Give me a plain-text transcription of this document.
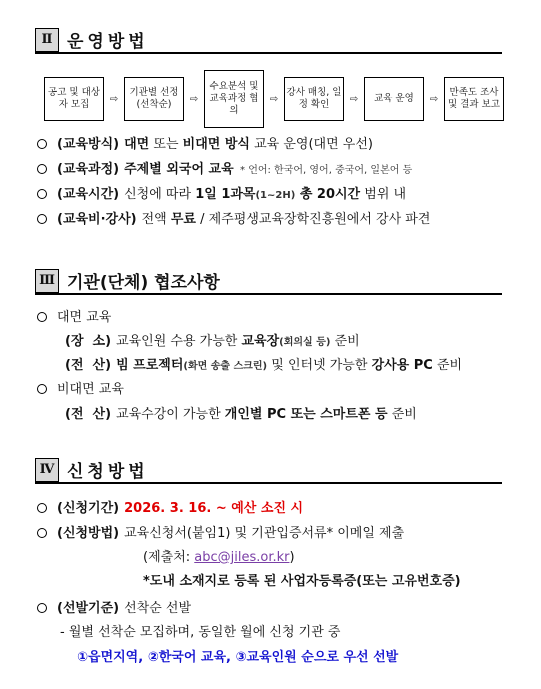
Ⅱ 운영방법
공고 및 대상자 모집	⇨
기관별 선정(선착순)	⇨
수요분석 및 교육과정 협의
⇨
강사 매칭, 일정 확인	⇨	교육 운영	⇨
만족도 조사 및 결과 보고
(교육방식) 대면 또는 비대면 방식 교육 운영(대면 우선)
(교육과정) 주제별 외국어 교육  * 언어: 한국어, 영어, 중국어, 일본어 등
(교육시간) 신청에 따라 1일 1과목(1~2H) 총 20시간 범위 내
(교육비·강사) 전액 무료 / 제주평생교육장학진흥원에서 강사 파견
Ⅲ 기관(단체) 협조사항
대면 교육
(장  소) 교육인원 수용 가능한 교육장(회의실 등) 준비
(전  산) 빔 프로젝터(화면 송출 스크린) 및 인터넷 가능한 강사용 PC 준비
비대면 교육
(전  산) 교육수강이 가능한 개인별 PC 또는 스마트폰 등 준비
Ⅳ 신청방법
(신청기간) 2026. 3. 16. ~ 예산 소진 시
(신청방법) 교육신청서(붙임1) 및 기관입증서류* 이메일 제출
(제출처: abc@jiles.or.kr )
*도내 소재지로 등록 된 사업자등록증(또는 고유번호증)
(선발기준) 선착순 선발
- 월별 선착순 모집하며, 동일한 월에 신청 기관 중
①읍면지역, ②한국어 교육, ③교육인원 순으로 우선 선발
